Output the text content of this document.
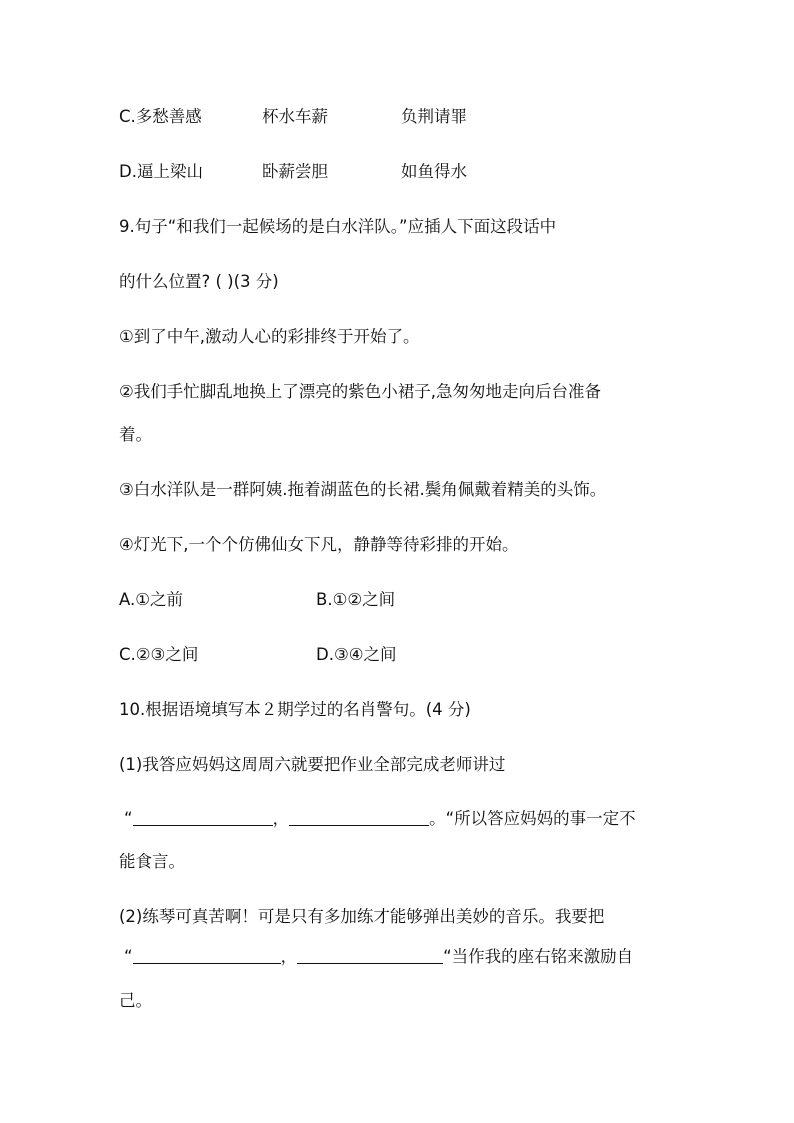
C.多愁善感	杯水车薪	负荆请罪
D.逼上梁山	卧薪尝胆	如鱼得水
9.句子“和我们一起候场的是白水洋队。”应插人下面这段话中
的什么位置? ( )(3 分)
①到了中午,激动人心的彩排终于开始了。
②我们手忙脚乱地换上了漂亮的紫色小裙子,急匆匆地走向后台准备
着。
③白水洋队是一群阿姨.拖着湖蓝色的长裙.鬓角佩戴着精美的头饰。
④灯光下,一个个仿佛仙女下凡，静静等待彩排的开始。
A.①之前	B.①②之间
C.②③之间	D.③④之间
10.根据语境填写本２期学过的名肖警句。(4 分)
(1)我答应妈妈这周周六就要把作业全部完成老师讲过
“	，	。“所以答应妈妈的事一定不
能食言。
(2)练琴可真苦啊！可是只有多加练才能够弹出美妙的音乐。我要把
“	，	“当作我的座右铭来激励自
己。
